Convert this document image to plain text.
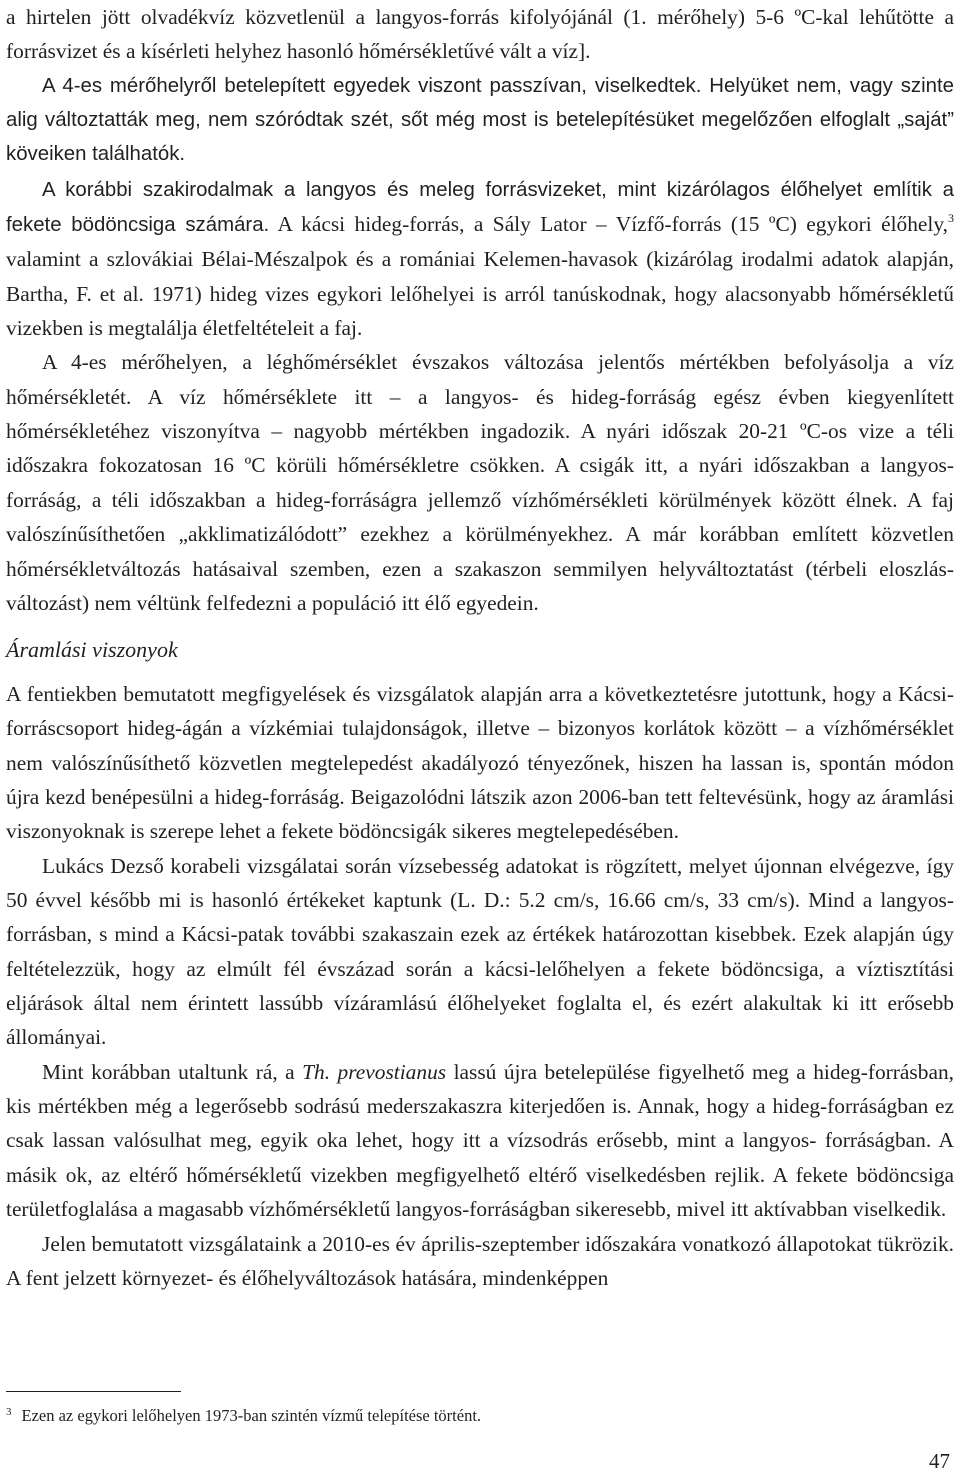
a hirtelen jött olvadékvíz közvetlenül a langyos-forrás kifolyójánál (1. mérőhely) 5-6 ºC-kal lehűtötte a forrásvizet és a kísérleti helyhez hasonló hőmérsékletűvé vált a víz].

A 4-es mérőhelyről betelepített egyedek viszont passzívan, viselkedtek. Helyüket nem, vagy szinte alig változtatták meg, nem szóródtak szét, sőt még most is betelepítésüket megelőzően elfoglalt „saját” köveiken találhatók.

A korábbi szakirodalmak a langyos és meleg forrásvizeket, mint kizárólagos élőhelyet említik a fekete bödöncsiga számára. A kácsi hideg-forrás, a Sály Lator – Vízfő-forrás (15 ºC) egykori élőhely,$^3$ valamint a szlovákiai Bélai-Mészalpok és a romániai Kelemen-havasok (kizárólag irodalmi adatok alapján, Bartha, F. et al. 1971) hideg vizes egykori lelőhelyei is arról tanúskodnak, hogy alacsonyabb hőmérsékletű vizekben is megtalálja életfeltételeit a faj.

A 4-es mérőhelyen, a léghőmérséklet évszakos változása jelentős mértékben befolyásolja a víz hőmérsékletét. A víz hőmérséklete itt – a langyos- és hideg-forráság egész évben kiegyenlített hőmérsékletéhez viszonyítva – nagyobb mértékben ingadozik. A nyári időszak 20-21 ºC-os vize a téli időszakra fokozatosan 16 ºC körüli hőmérsékletre csökken. A csigák itt, a nyári időszakban a langyos-forráság, a téli időszakban a hideg-forráságra jellemző vízhőmérsékleti körülmények között élnek. A faj valószínűsíthetően „akklimatizálódott” ezekhez a körülményekhez. A már korábban említett közvetlen hőmérsékletváltozás hatásaival szemben, ezen a szakaszon semmilyen helyváltoztatást (térbeli eloszlás-változást) nem véltünk felfedezni a populáció itt élő egyedein.

Áramlási viszonyok

A fentiekben bemutatott megfigyelések és vizsgálatok alapján arra a következtetésre jutottunk, hogy a Kácsi-forráscsoport hideg-ágán a vízkémiai tulajdonságok, illetve – bizonyos korlátok között – a vízhőmérséklet nem valószínűsíthető közvetlen megtelepedést akadályozó tényezőnek, hiszen ha lassan is, spontán módon újra kezd benépesülni a hideg-forráság. Beigazolódni látszik azon 2006-ban tett feltevésünk, hogy az áramlási viszonyoknak is szerepe lehet a fekete bödöncsigák sikeres megtelepedésében.

Lukács Dezső korabeli vizsgálatai során vízsebesség adatokat is rögzített, melyet újonnan elvégezve, így 50 évvel később mi is hasonló értékeket kaptunk (L. D.: 5.2 cm/s, 16.66 cm/s, 33 cm/s). Mind a langyos-forrásban, s mind a Kácsi-patak további szakaszain ezek az értékek határozottan kisebbek. Ezek alapján úgy feltételezzük, hogy az elmúlt fél évszázad során a kácsi-lelőhelyen a fekete bödöncsiga, a víztisztítási eljárások által nem érintett lassúbb vízáramlású élőhelyeket foglalta el, és ezért alakultak ki itt erősebb állományai.

Mint korábban utaltunk rá, a Th. prevostianus lassú újra betelepülése figyelhető meg a hideg-forrásban, kis mértékben még a legerősebb sodrású mederszakaszra kiterjedően is. Annak, hogy a hideg-forráságban ez csak lassan valósulhat meg, egyik oka lehet, hogy itt a vízsodrás erősebb, mint a langyos- forráságban. A másik ok, az eltérő hőmérsékletű vizekben megfigyelhető eltérő viselkedésben rejlik. A fekete bödöncsiga területfoglalása a magasabb vízhőmérsékletű langyos-forráságban sikeresebb, mivel itt aktívabban viselkedik.

Jelen bemutatott vizsgálataink a 2010-es év április-szeptember időszakára vonatkozó állapotokat tükrözik. A fent jelzett környezet- és élőhelyváltozások hatására, mindenképpen

$^3$ Ezen az egykori lelőhelyen 1973-ban szintén vízmű telepítése történt.
47
